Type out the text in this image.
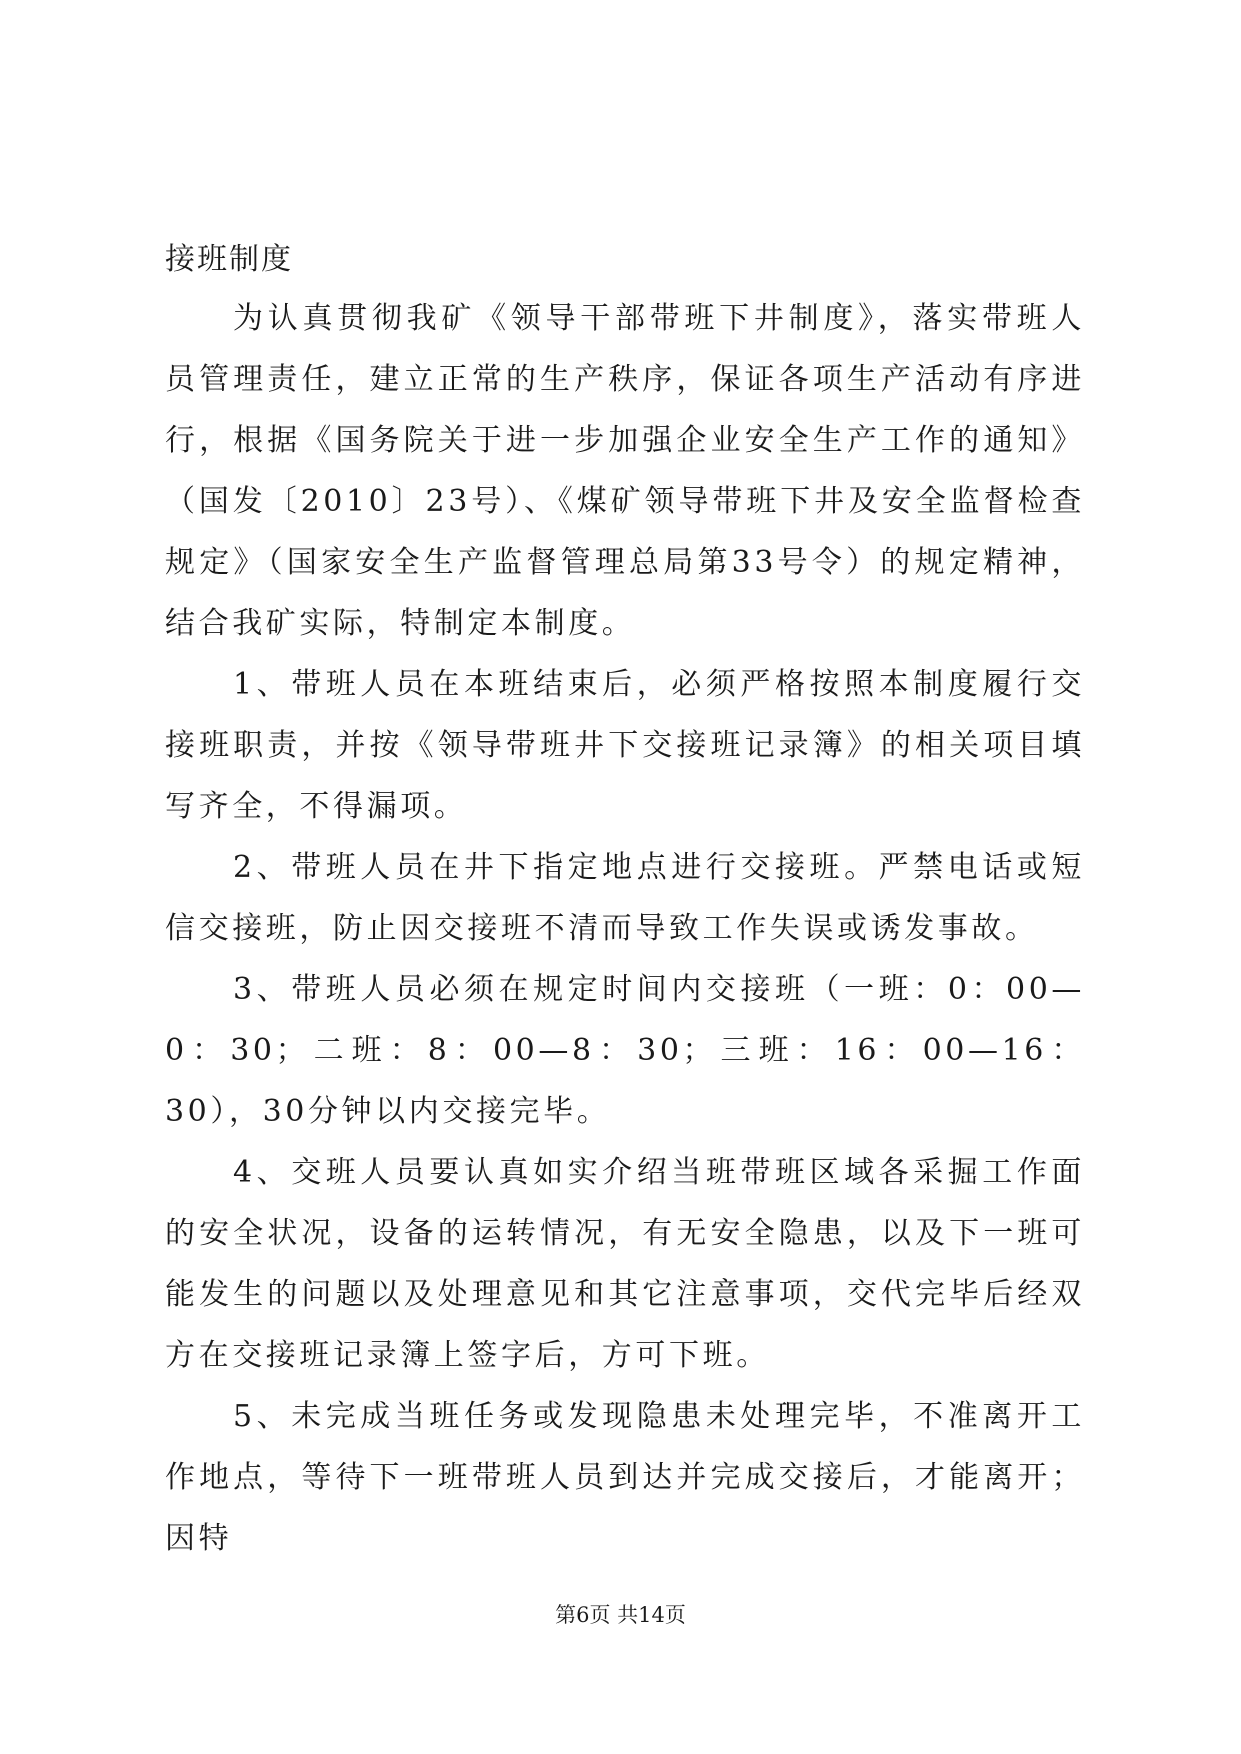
接班制度

为认真贯彻我矿《领导干部带班下井制度》，落实带班人员管理责任，建立正常的生产秩序，保证各项生产活动有序进行，根据《国务院关于进一步加强企业安全生产工作的通知》（国发〔2010〕23号）、《煤矿领导带班下井及安全监督检查规定》（国家安全生产监督管理总局第33号令）的规定精神，结合我矿实际，特制定本制度。

1、带班人员在本班结束后，必须严格按照本制度履行交接班职责，并按《领导带班井下交接班记录簿》的相关项目填写齐全，不得漏项。

2、带班人员在井下指定地点进行交接班。严禁电话或短信交接班，防止因交接班不清而导致工作失误或诱发事故。

3、带班人员必须在规定时间内交接班（一班：0：00—0：30；二班：8：00—8：30；三班：16：00—16：30），30分钟以内交接完毕。

4、交班人员要认真如实介绍当班带班区域各采掘工作面的安全状况，设备的运转情况，有无安全隐患，以及下一班可能发生的问题以及处理意见和其它注意事项，交代完毕后经双方在交接班记录簿上签字后，方可下班。

5、未完成当班任务或发现隐患未处理完毕，不准离开工作地点，等待下一班带班人员到达并完成交接后，才能离开；因特

第6页 共14页
